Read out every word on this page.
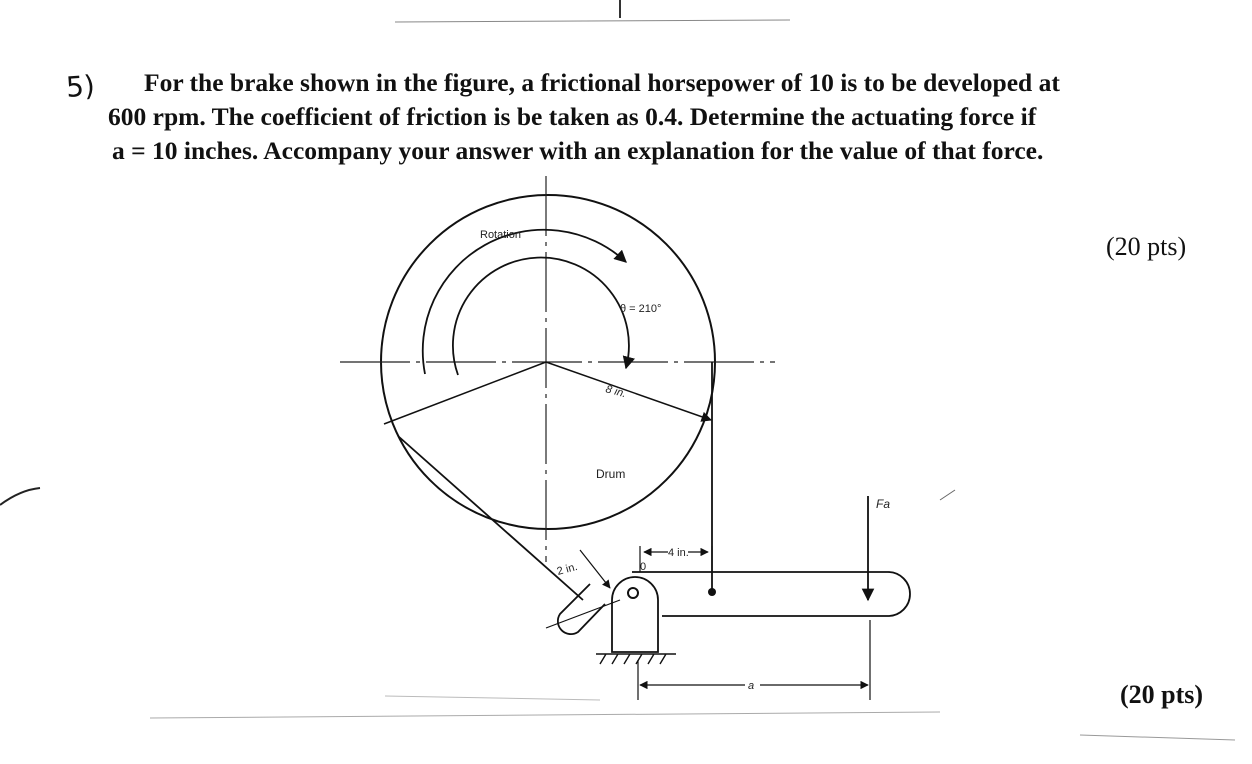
5)	For the brake shown in the figure, a frictional horsepower of 10 is to be developed at
600 rpm. The coefficient of friction is be taken as 0.4. Determine the actuating force if
a = 10 inches. Accompany your answer with an explanation for the value of that force.
(20 pts)
(20 pts)
Rotation
θ = 210°
8 in.
Drum
Fa
4 in.
0
2 in.
a
